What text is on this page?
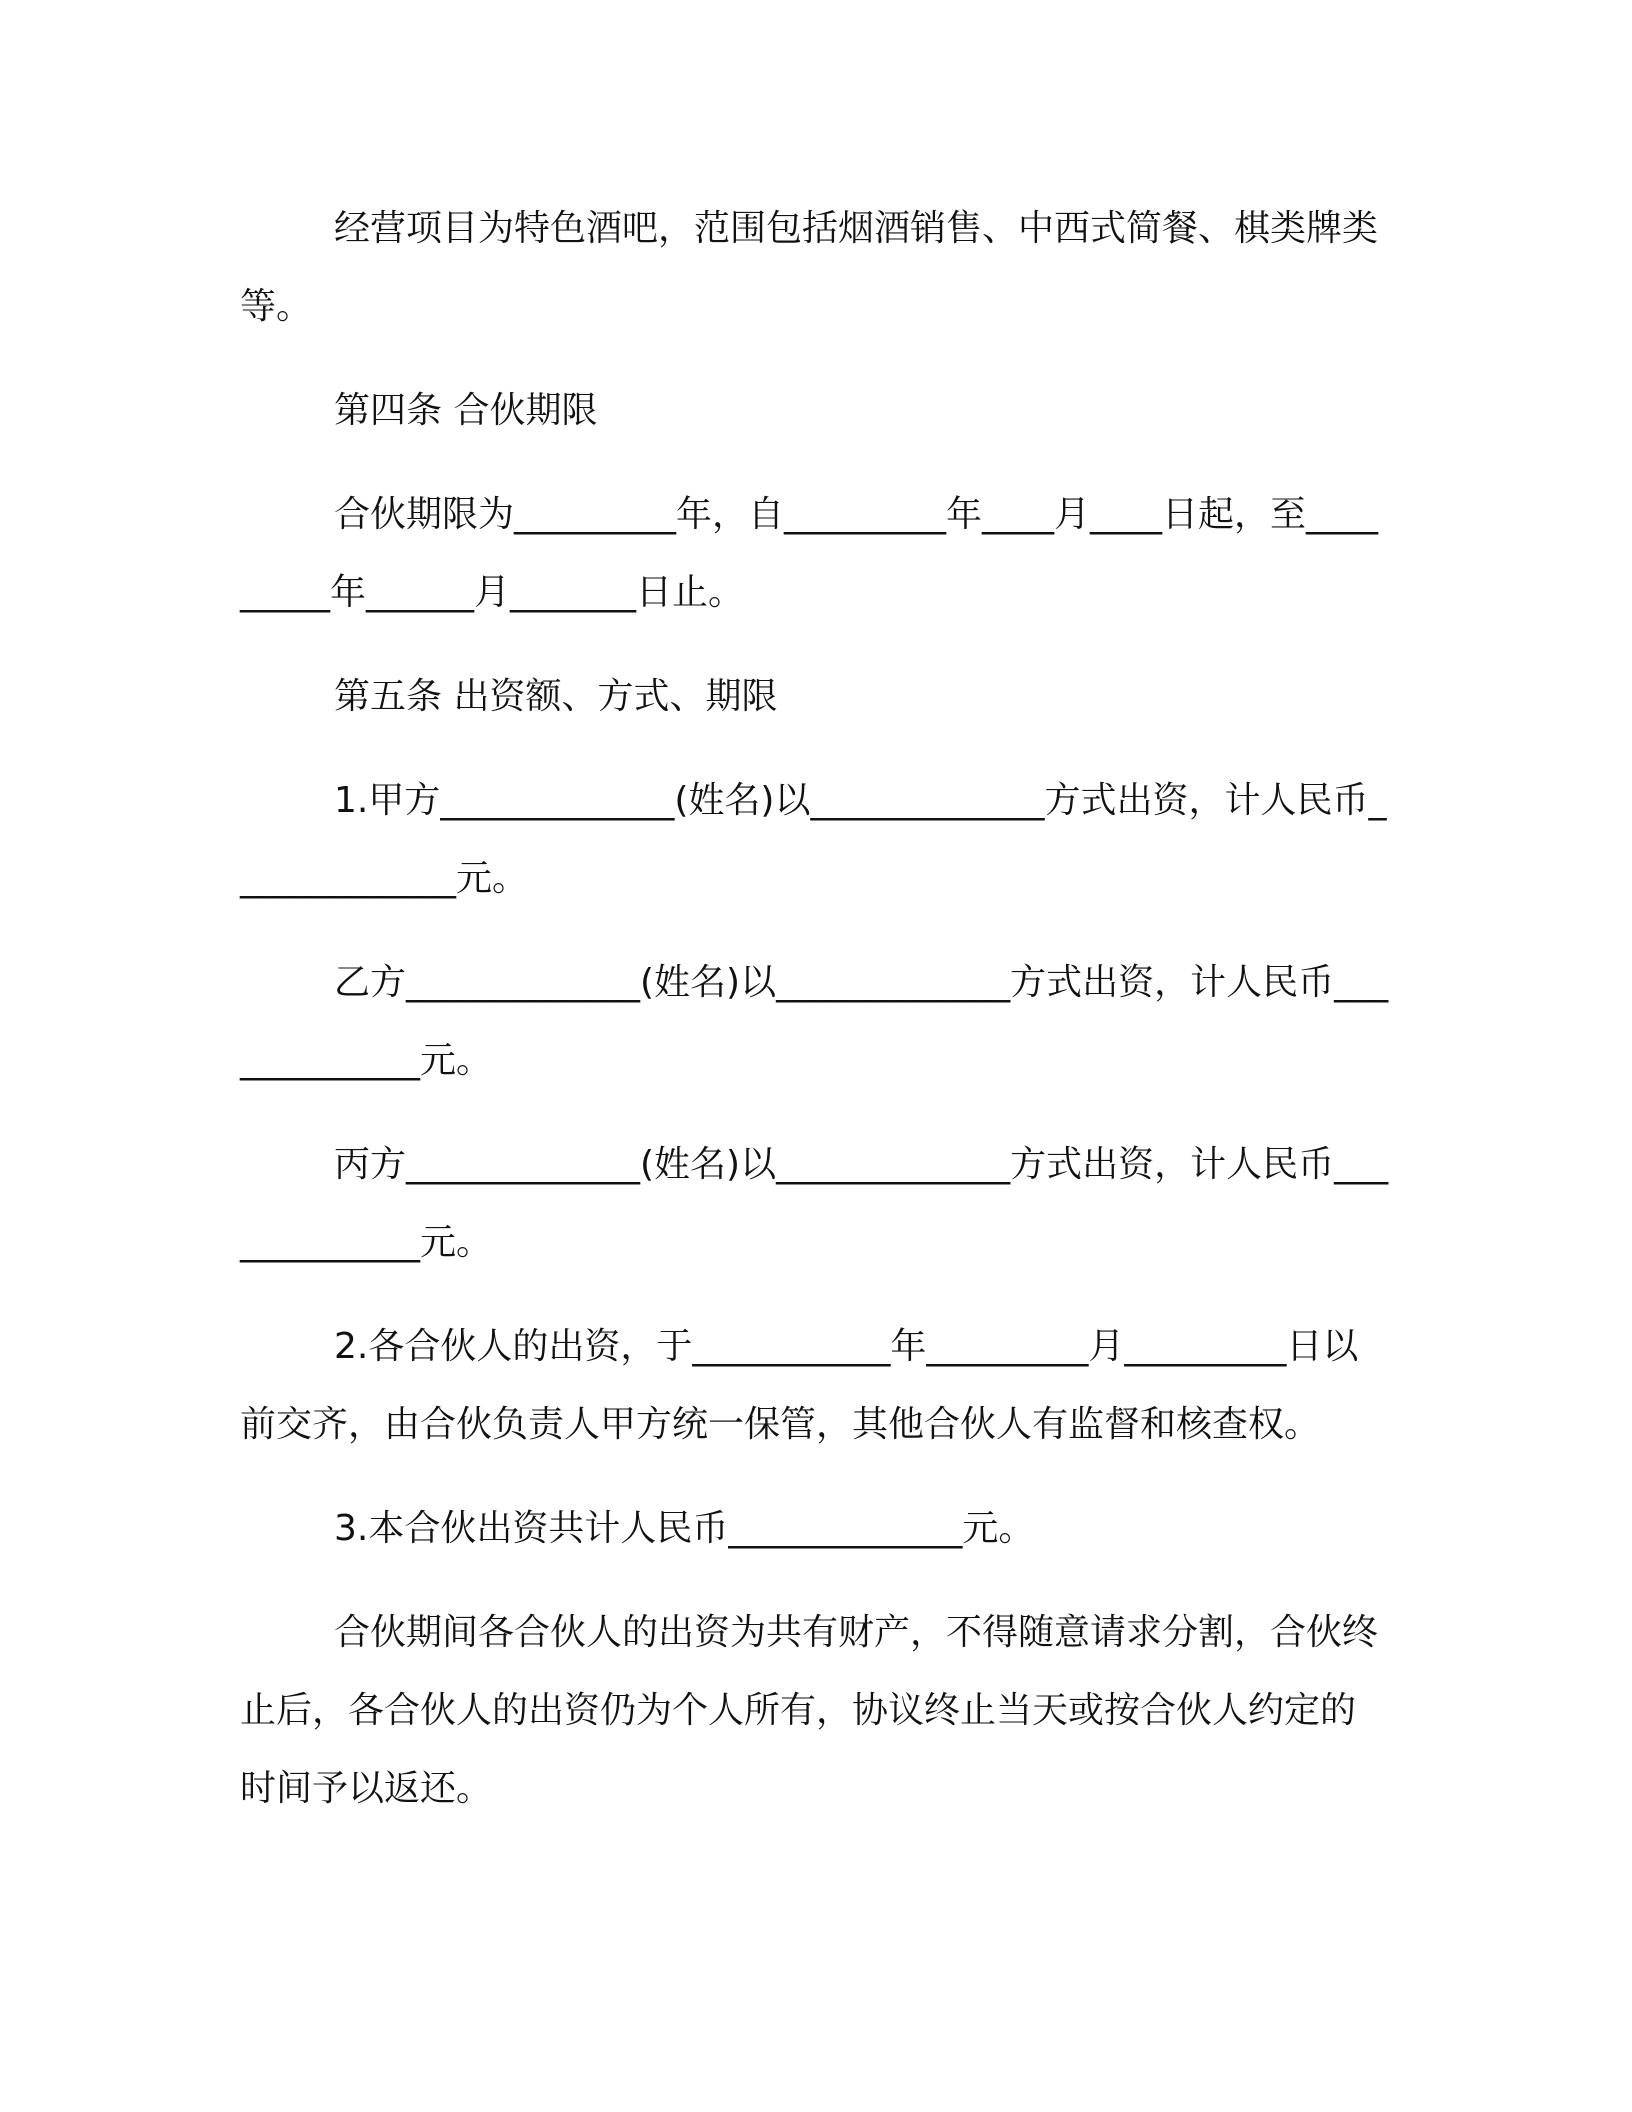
经营项目为特色酒吧，范围包括烟酒销售、中西式简餐、棋类牌类等。

第四条 合伙期限

合伙期限为_________年，自_________年____月____日起，至_________年______月_______日止。

第五条 出资额、方式、期限

1.甲方_____________(姓名)以_____________方式出资，计人民币_____________元。

乙方_____________(姓名)以_____________方式出资，计人民币_____________元。

丙方_____________(姓名)以_____________方式出资，计人民币_____________元。

2.各合伙人的出资，于___________年_________月_________日以前交齐，由合伙负责人甲方统一保管，其他合伙人有监督和核查权。

3.本合伙出资共计人民币_____________元。

合伙期间各合伙人的出资为共有财产，不得随意请求分割，合伙终止后，各合伙人的出资仍为个人所有，协议终止当天或按合伙人约定的时间予以返还。
